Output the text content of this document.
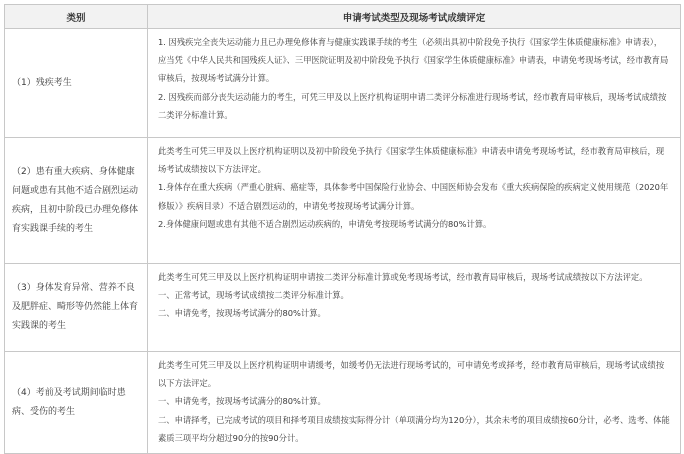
类别	申请考试类型及现场考试成绩评定
（1）残疾考生	1. 因残疾完全丧失运动能力且已办理免修体育与健康实践课手续的考生（必须出具初中阶段免予执行《国家学生体质健康标准》申请表），应当凭《中华人民共和国残疾人证》、三甲医院证明及初中阶段免予执行《国家学生体质健康标准》申请表，申请免考现场考试，经市教育局审核后，按现场考试满分计算。

2. 因残疾而部分丧失运动能力的考生，可凭三甲及以上医疗机构证明申请二类评分标准进行现场考试，经市教育局审核后，现场考试成绩按二类评分标准计算。

（2）患有重大疾病、身体健康问题或患有其他不适合剧烈运动疾病，且初中阶段已办理免修体育实践课手续的考生	此类考生可凭三甲及以上医疗机构证明以及初中阶段免予执行《国家学生体质健康标准》申请表申请免考现场考试，经市教育局审核后，现场考试成绩按以下方法评定。

1.身体存在重大疾病（严重心脏病、癌症等，具体参考中国保险行业协会、中国医师协会发布《重大疾病保险的疾病定义使用规范（2020年修版）》疾病目录）不适合剧烈运动的，申请免考按现场考试满分计算。

2.身体健康问题或患有其他不适合剧烈运动疾病的，申请免考按现场考试满分的80%计算。

（3）身体发育异常、营养不良及肥胖症、畸形等仍然能上体育实践课的考生	此类考生可凭三甲及以上医疗机构证明申请按二类评分标准计算或免考现场考试，经市教育局审核后，现场考试成绩按以下方法评定。

一、正常考试，现场考试成绩按二类评分标准计算。

二、申请免考，按现场考试满分的80%计算。

（4）考前及考试期间临时患病、受伤的考生	此类考生可凭三甲及以上医疗机构证明申请缓考，如缓考仍无法进行现场考试的，可申请免考或择考，经市教育局审核后，现场考试成绩按以下方法评定。

一、申请免考，按现场考试满分的80%计算。

二、申请择考，已完成考试的项目和择考项目成绩按实际得分计（单项满分均为120分），其余未考的项目成绩按60分计，必考、选考、体能素质三项平均分超过90分的按90分计。
